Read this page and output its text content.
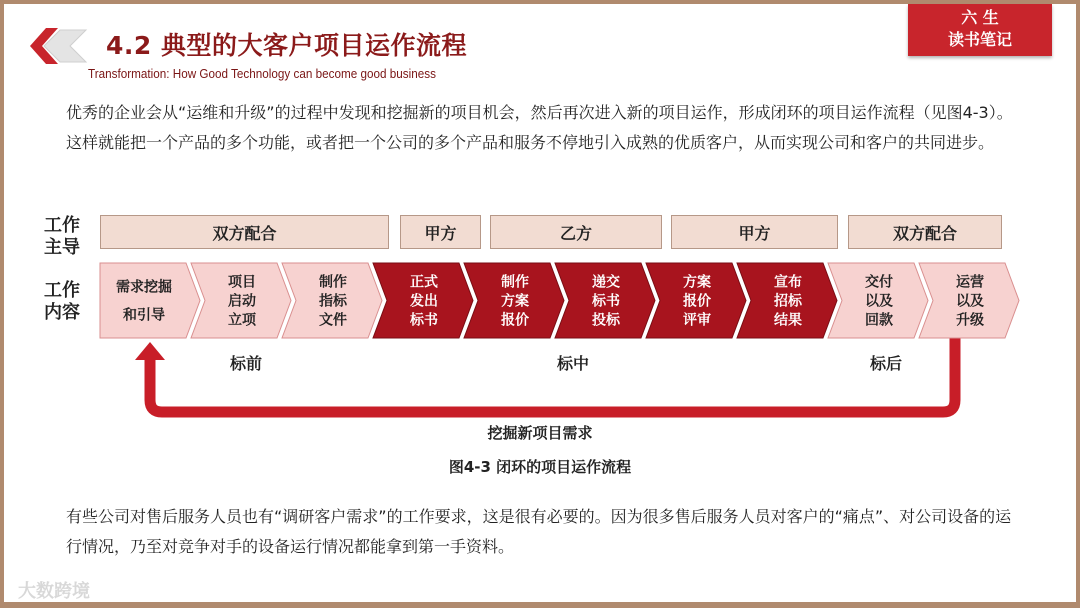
4.2 典型的大客户项目运作流程
Transformation: How Good Technology can become good business
六 生
读书笔记
优秀的企业会从“运维和升级”的过程中发现和挖掘新的项目机会，然后再次进入新的项目运作，形成闭环的项目运作流程（见图4-3）。这样就能把一个产品的多个功能，或者把一个公司的多个产品和服务不停地引入成熟的优质客户，从而实现公司和客户的共同进步。
工作主导
工作内容
双方配合	甲方	乙方	甲方	双方配合
需求挖掘
和引导
项目
启动
立项
制作
指标
文件
正式
发出
标书
制作
方案
报价
递交
标书
投标
方案
报价
评审
宣布
招标
结果
交付
以及
回款
运营
以及
升级
标前	标中	标后
挖掘新项目需求
图4-3 闭环的项目运作流程
有些公司对售后服务人员也有“调研客户需求”的工作要求，这是很有必要的。因为很多售后服务人员对客户的“痛点”、对公司设备的运行情况，乃至对竞争对手的设备运行情况都能拿到第一手资料。
大数跨境
